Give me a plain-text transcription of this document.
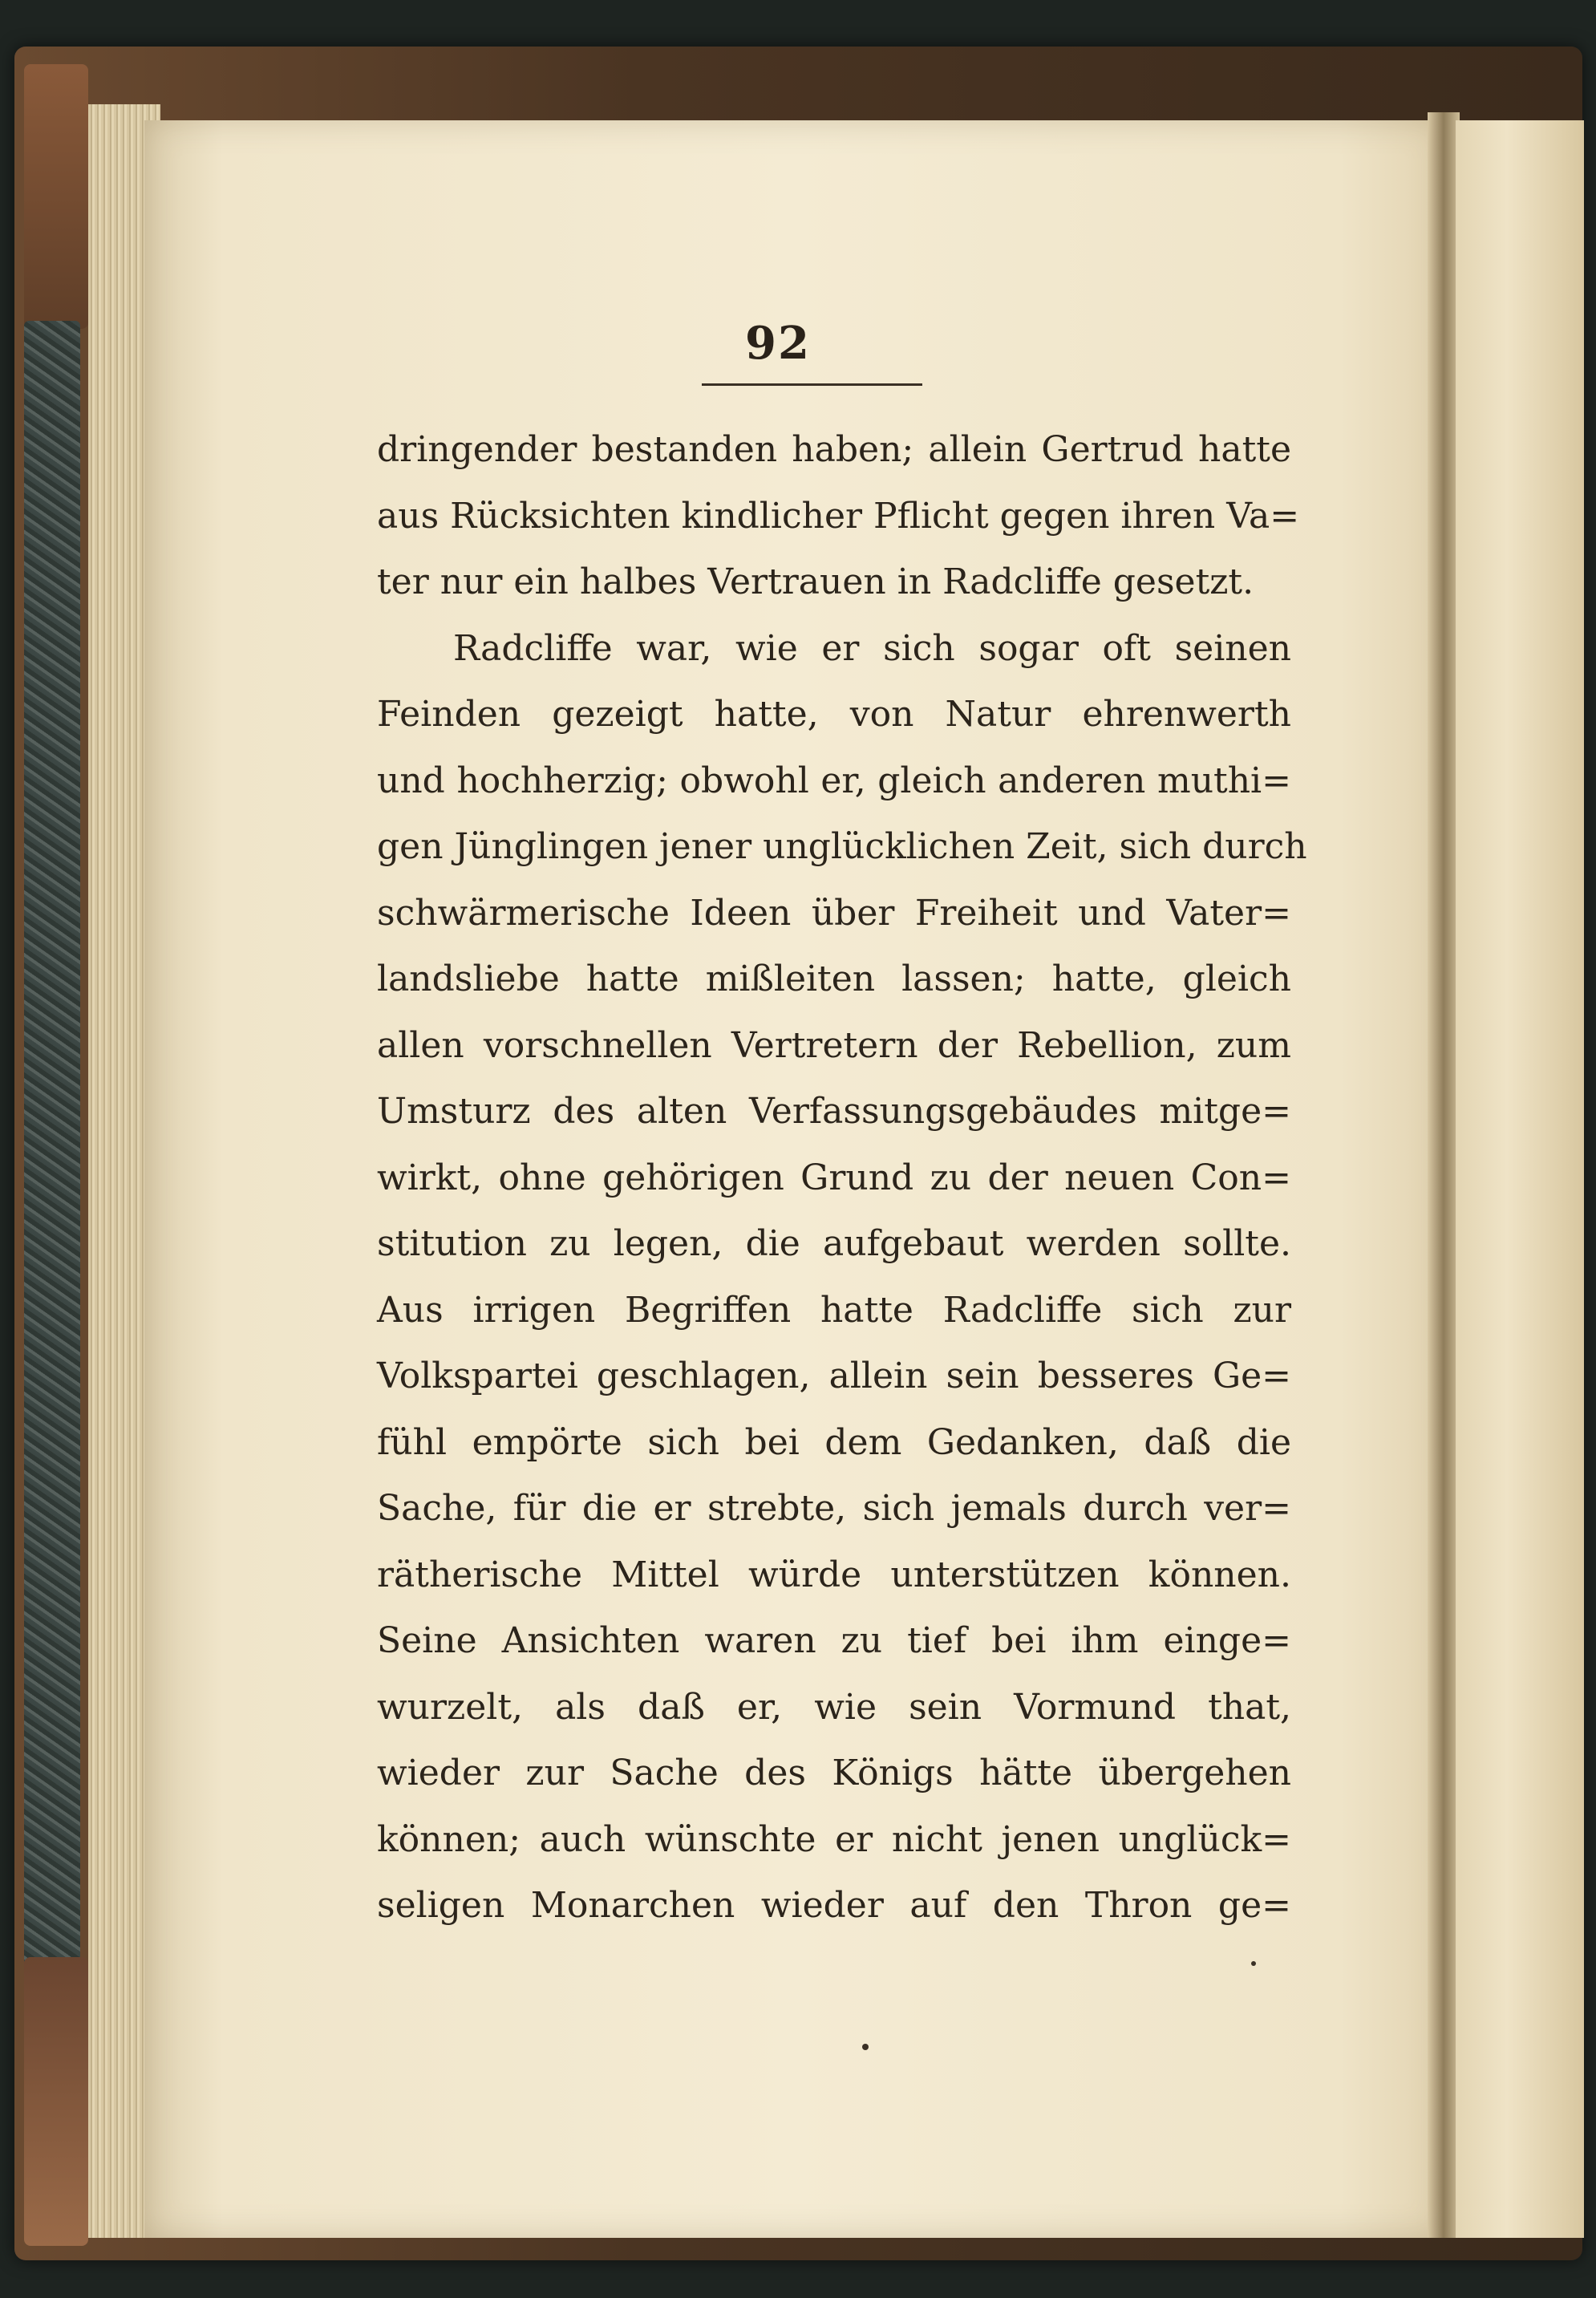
92
dringender bestanden haben; allein Gertrud hatte
aus Rücksichten kindlicher Pflicht gegen ihren Va=
ter nur ein halbes Vertrauen in Radcliffe gesetzt.
Radcliffe war, wie er sich sogar oft seinen
Feinden gezeigt hatte, von Natur ehrenwerth
und hochherzig; obwohl er, gleich anderen muthi=
gen Jünglingen jener unglücklichen Zeit, sich durch
schwärmerische Ideen über Freiheit und Vater=
landsliebe hatte mißleiten lassen; hatte, gleich
allen vorschnellen Vertretern der Rebellion, zum
Umsturz des alten Verfassungsgebäudes mitge=
wirkt, ohne gehörigen Grund zu der neuen Con=
stitution zu legen, die aufgebaut werden sollte.
Aus irrigen Begriffen hatte Radcliffe sich zur
Volkspartei geschlagen, allein sein besseres Ge=
fühl empörte sich bei dem Gedanken, daß die
Sache, für die er strebte, sich jemals durch ver=
rätherische Mittel würde unterstützen können.
Seine Ansichten waren zu tief bei ihm einge=
wurzelt, als daß er, wie sein Vormund that,
wieder zur Sache des Königs hätte übergehen
können; auch wünschte er nicht jenen unglück=
seligen Monarchen wieder auf den Thron ge=
